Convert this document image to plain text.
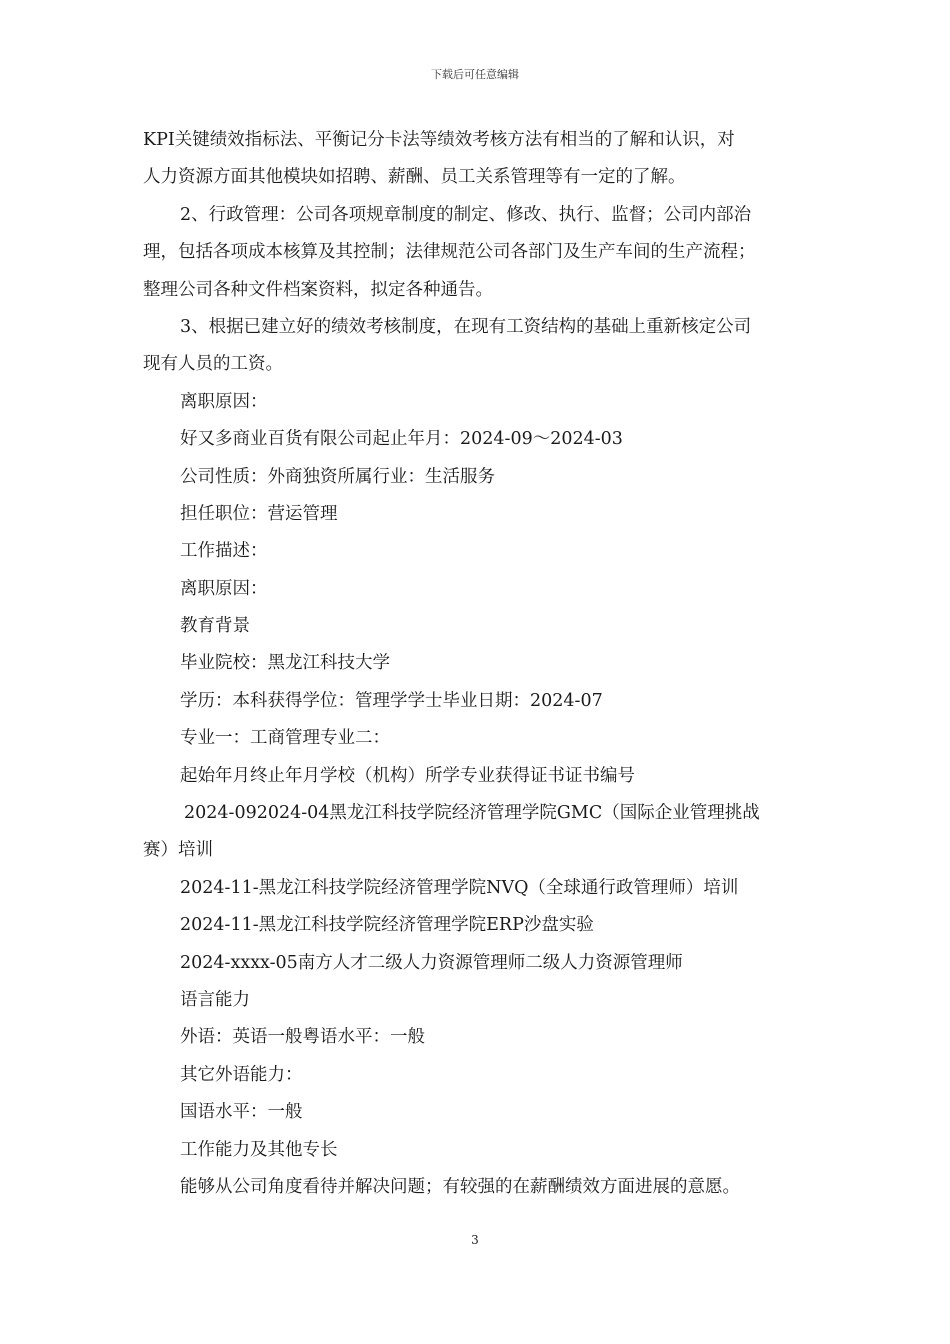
下载后可任意编辑
KPI关键绩效指标法、平衡记分卡法等绩效考核方法有相当的了解和认识，对
人力资源方面其他模块如招聘、薪酬、员工关系管理等有一定的了解。
2、行政管理：公司各项规章制度的制定、修改、执行、监督；公司内部治
理，包括各项成本核算及其控制；法律规范公司各部门及生产车间的生产流程；
整理公司各种文件档案资料，拟定各种通告。
3、根据已建立好的绩效考核制度，在现有工资结构的基础上重新核定公司
现有人员的工资。
离职原因：
好又多商业百货有限公司起止年月：2024-09～2024-03
公司性质：外商独资所属行业：生活服务
担任职位：营运管理
工作描述：
离职原因：
教育背景
毕业院校：黑龙江科技大学
学历：本科获得学位：管理学学士毕业日期：2024-07
专业一：工商管理专业二：
起始年月终止年月学校（机构）所学专业获得证书证书编号
2024-092024-04黑龙江科技学院经济管理学院GMC（国际企业管理挑战
赛）培训
2024-11-黑龙江科技学院经济管理学院NVQ（全球通行政管理师）培训
2024-11-黑龙江科技学院经济管理学院ERP沙盘实验
2024-xxxx-05南方人才二级人力资源管理师二级人力资源管理师
语言能力
外语：英语一般粤语水平：一般
其它外语能力：
国语水平：一般
工作能力及其他专长
能够从公司角度看待并解决问题；有较强的在薪酬绩效方面进展的意愿。
3
